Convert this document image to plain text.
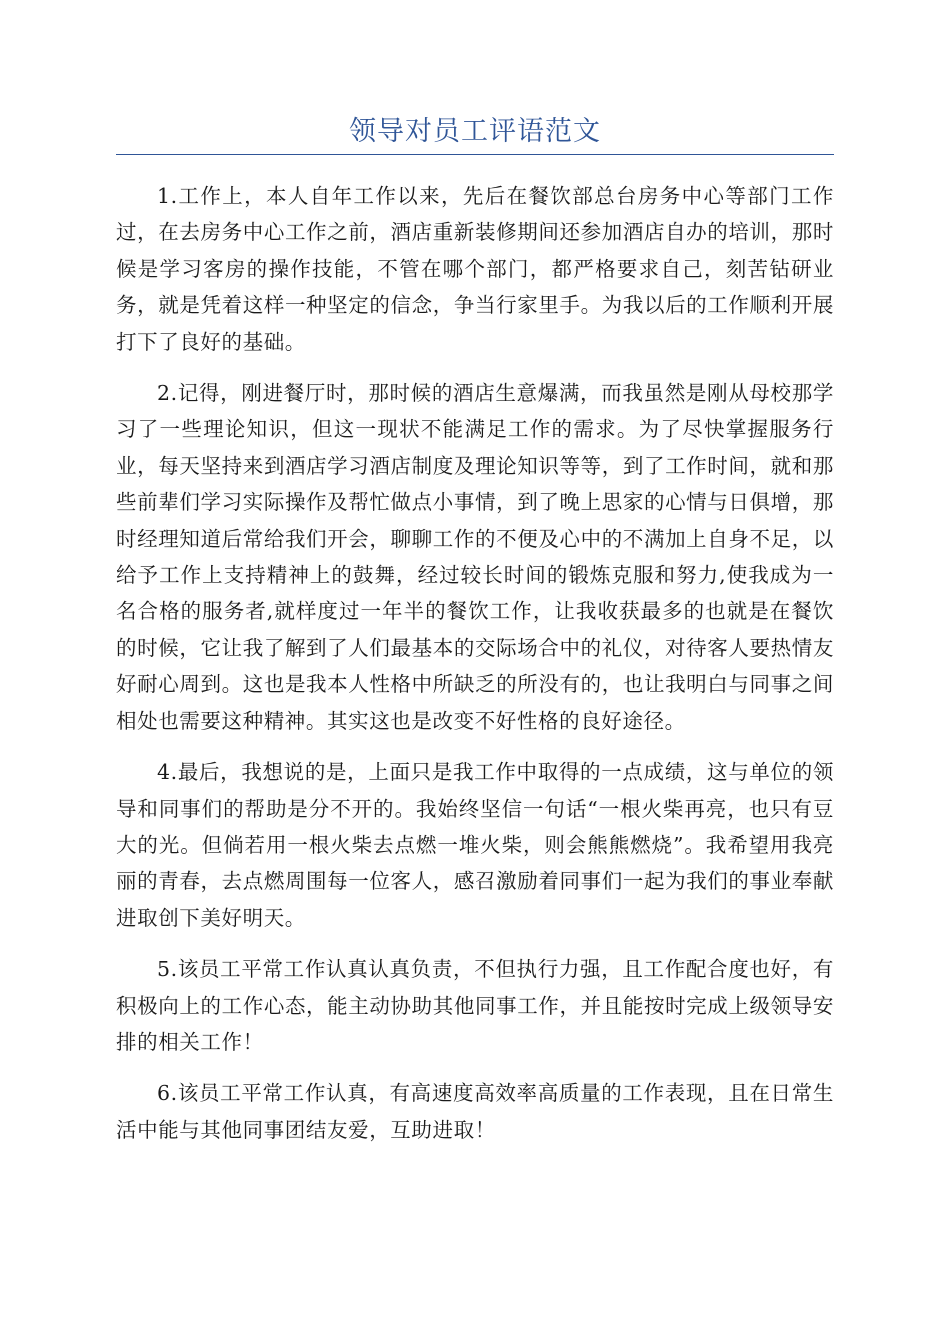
领导对员工评语范文

1.工作上，本人自年工作以来，先后在餐饮部总台房务中心等部门工作过，在去房务中心工作之前，酒店重新装修期间还参加酒店自办的培训，那时候是学习客房的操作技能，不管在哪个部门，都严格要求自己，刻苦钻研业务，就是凭着这样一种坚定的信念，争当行家里手。为我以后的工作顺利开展打下了良好的基础。

2.记得，刚进餐厅时，那时候的酒店生意爆满，而我虽然是刚从母校那学习了一些理论知识，但这一现状不能满足工作的需求。为了尽快掌握服务行业，每天坚持来到酒店学习酒店制度及理论知识等等，到了工作时间，就和那些前辈们学习实际操作及帮忙做点小事情，到了晚上思家的心情与日俱增，那时经理知道后常给我们开会，聊聊工作的不便及心中的不满加上自身不足，以给予工作上支持精神上的鼓舞，经过较长时间的锻炼克服和努力,使我成为一名合格的服务者,就样度过一年半的餐饮工作，让我收获最多的也就是在餐饮的时候，它让我了解到了人们最基本的交际场合中的礼仪，对待客人要热情友好耐心周到。这也是我本人性格中所缺乏的所没有的，也让我明白与同事之间相处也需要这种精神。其实这也是改变不好性格的良好途径。

4.最后，我想说的是，上面只是我工作中取得的一点成绩，这与单位的领导和同事们的帮助是分不开的。我始终坚信一句话“一根火柴再亮，也只有豆大的光。但倘若用一根火柴去点燃一堆火柴，则会熊熊燃烧”。我希望用我亮丽的青春，去点燃周围每一位客人，感召激励着同事们一起为我们的事业奉献进取创下美好明天。

5.该员工平常工作认真认真负责，不但执行力强，且工作配合度也好，有积极向上的工作心态，能主动协助其他同事工作，并且能按时完成上级领导安排的相关工作！

6.该员工平常工作认真，有高速度高效率高质量的工作表现，且在日常生活中能与其他同事团结友爱，互助进取！
